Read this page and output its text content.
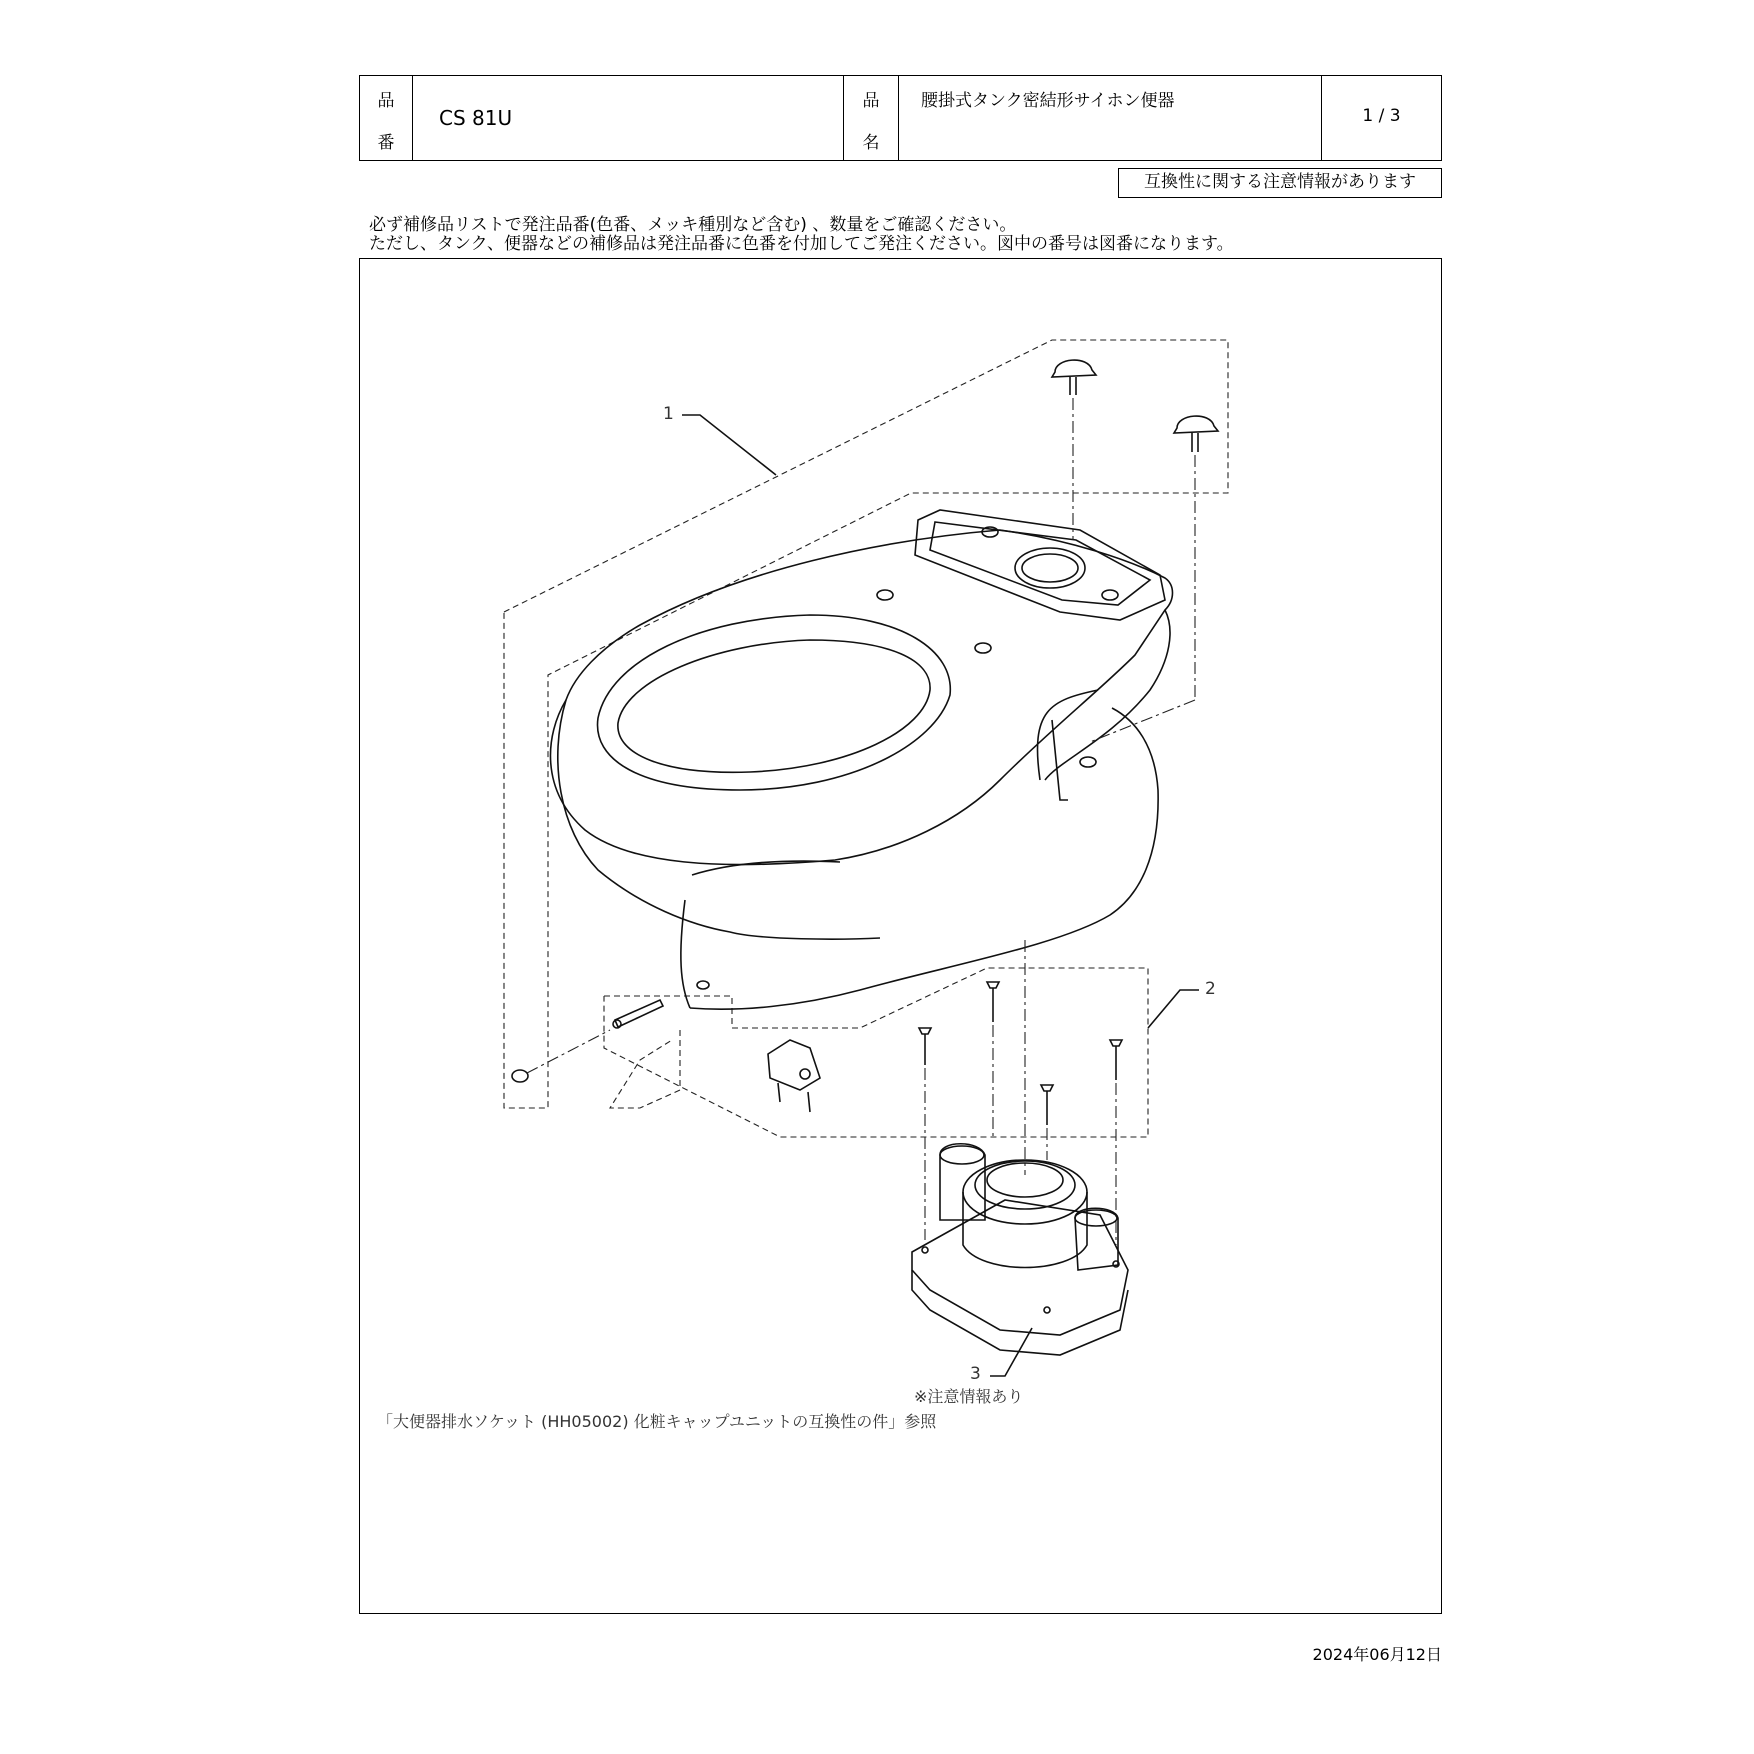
品
番
CS 81U
品
名
腰掛式タンク密結形サイホン便器
1 / 3
互換性に関する注意情報があります
必ず補修品リストで発注品番(色番、メッキ種別など含む) 、数量をご確認ください。
ただし、タンク、便器などの補修品は発注品番に色番を付加してご発注ください。図中の番号は図番になります。
1
2
3
※注意情報あり
「大便器排水ソケット (HH05002) 化粧キャップユニットの互換性の件」参照
2024年06月12日
